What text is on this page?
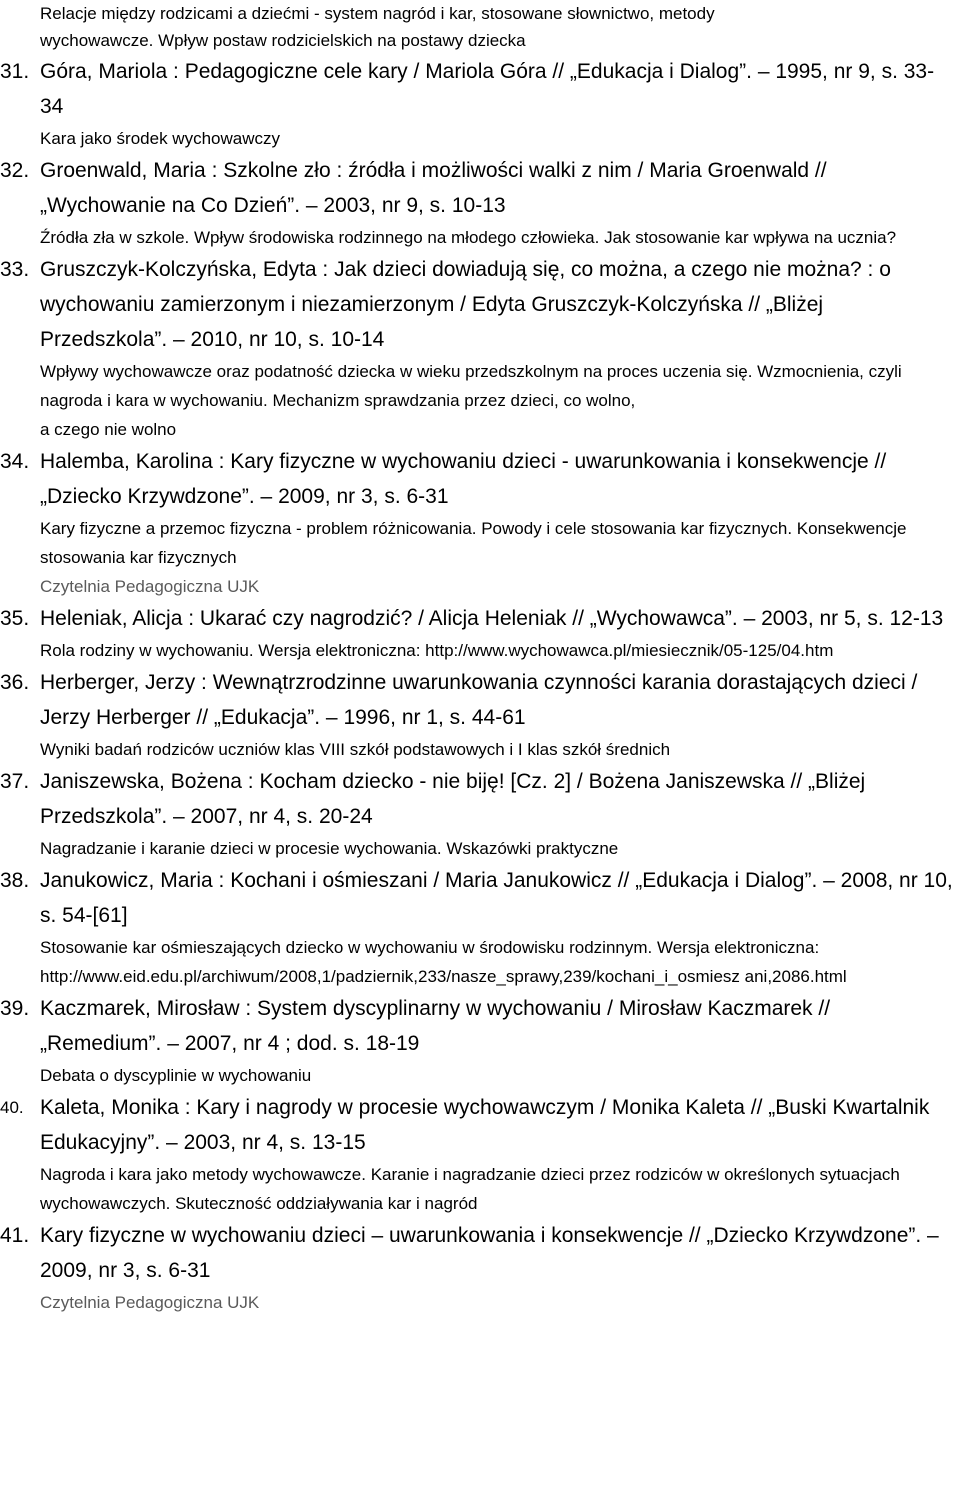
Relacje między rodzicami a dziećmi - system nagród i kar, stosowane słownictwo, metody
wychowawcze. Wpływ postaw rodzicielskich na postawy dziecka
31. Góra, Mariola : Pedagogiczne cele kary / Mariola Góra // „Edukacja i Dialog”. – 1995, nr 9, s. 33-34
Kara jako środek wychowawczy
32. Groenwald, Maria : Szkolne zło : źródła i możliwości walki z nim / Maria Groenwald // „Wychowanie na Co Dzień”. – 2003, nr 9, s. 10-13
Źródła zła w szkole. Wpływ środowiska rodzinnego na młodego człowieka. Jak stosowanie kar wpływa na ucznia?
33. Gruszczyk-Kolczyńska, Edyta : Jak dzieci dowiadują się, co można, a czego nie można? : o wychowaniu zamierzonym i niezamierzonym / Edyta Gruszczyk-Kolczyńska // „Bliżej Przedszkola”. – 2010, nr 10, s. 10-14
Wpływy wychowawcze oraz podatność dziecka w wieku przedszkolnym na proces uczenia się. Wzmocnienia, czyli nagroda i kara w wychowaniu. Mechanizm sprawdzania przez dzieci, co wolno,
a czego nie wolno
34. Halemba, Karolina : Kary fizyczne w wychowaniu dzieci - uwarunkowania i konsekwencje // „Dziecko Krzywdzone”. – 2009, nr 3, s. 6-31
Kary fizyczne a przemoc fizyczna - problem różnicowania. Powody i cele stosowania kar fizycznych. Konsekwencje stosowania kar fizycznych
Czytelnia Pedagogiczna UJK
35. Heleniak, Alicja : Ukarać czy nagrodzić? / Alicja Heleniak // „Wychowawca”. – 2003, nr 5, s. 12-13
Rola rodziny w wychowaniu. Wersja elektroniczna: http://www.wychowawca.pl/miesiecznik/05-125/04.htm
36. Herberger, Jerzy : Wewnątrzrodzinne uwarunkowania czynności karania dorastających dzieci / Jerzy Herberger // „Edukacja”. – 1996, nr 1, s. 44-61
Wyniki badań rodziców uczniów klas VIII szkół podstawowych i I klas szkół średnich
37. Janiszewska, Bożena : Kocham dziecko - nie biję! [Cz. 2] / Bożena Janiszewska // „Bliżej Przedszkola”. – 2007, nr 4, s. 20-24
Nagradzanie i karanie dzieci w procesie wychowania. Wskazówki praktyczne
38. Janukowicz, Maria : Kochani i ośmieszani / Maria Janukowicz // „Edukacja i Dialog”. – 2008, nr 10, s. 54-[61]
Stosowanie kar ośmieszających dziecko w wychowaniu w środowisku rodzinnym. Wersja elektroniczna:
http://www.eid.edu.pl/archiwum/2008,1/padziernik,233/nasze_sprawy,239/kochani_i_osmiesz ani,2086.html
39. Kaczmarek, Mirosław : System dyscyplinarny w wychowaniu / Mirosław Kaczmarek // „Remedium”. – 2007, nr 4 ; dod. s. 18-19
Debata o dyscyplinie w wychowaniu
40. Kaleta, Monika : Kary i nagrody w procesie wychowawczym / Monika Kaleta // „Buski Kwartalnik Edukacyjny”. – 2003, nr 4, s. 13-15
Nagroda i kara jako metody wychowawcze. Karanie i nagradzanie dzieci przez rodziców w określonych sytuacjach wychowawczych. Skuteczność oddziaływania kar i nagród
41. Kary fizyczne w wychowaniu dzieci – uwarunkowania i konsekwencje // „Dziecko Krzywdzone”. – 2009, nr 3, s. 6-31
Czytelnia Pedagogiczna UJK
